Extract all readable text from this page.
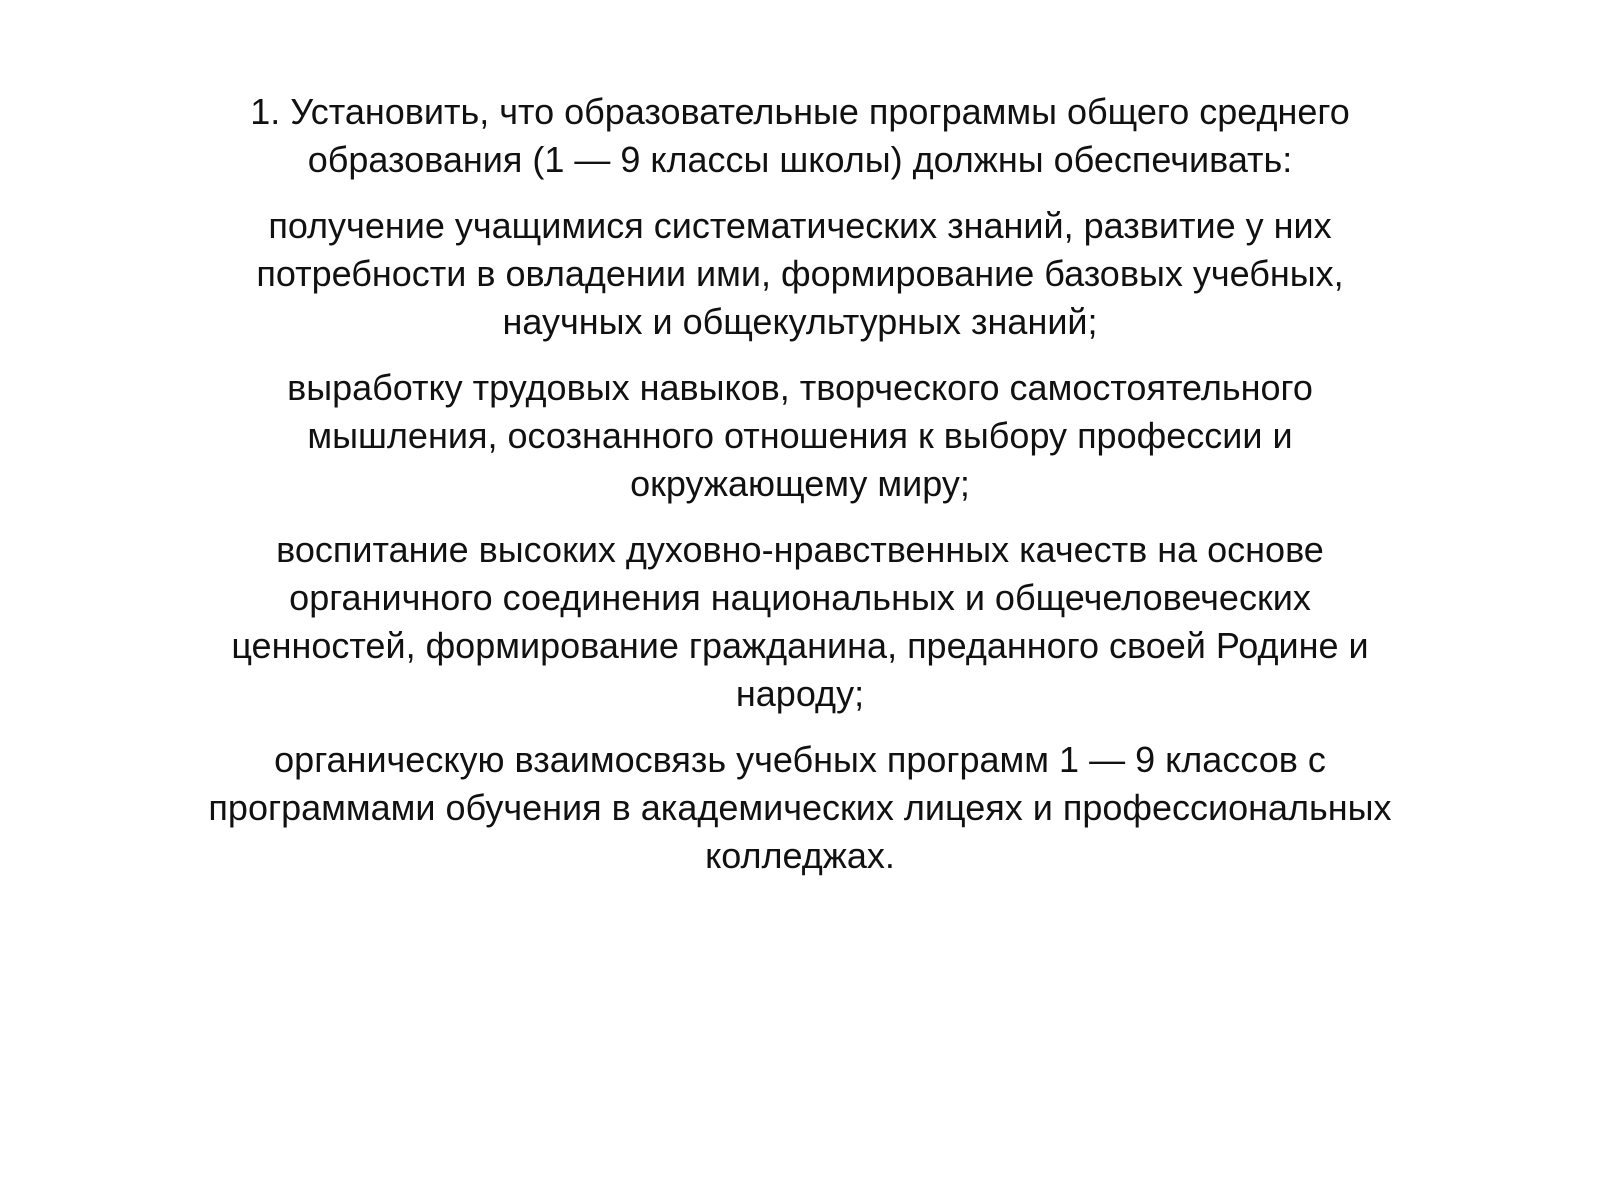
1. Установить, что образовательные программы общего среднего
образования (1 — 9 классы школы) должны обеспечивать:

получение учащимися систематических знаний, развитие у них
потребности в овладении ими, формирование базовых учебных,
научных и общекультурных знаний;

выработку трудовых навыков, творческого самостоятельного
мышления, осознанного отношения к выбору профессии и
окружающему миру;

воспитание высоких духовно-нравственных качеств на основе
органичного соединения национальных и общечеловеческих
ценностей, формирование гражданина, преданного своей Родине и
народу;

органическую взаимосвязь учебных программ 1 — 9 классов с
программами обучения в академических лицеях и профессиональных
колледжах.
